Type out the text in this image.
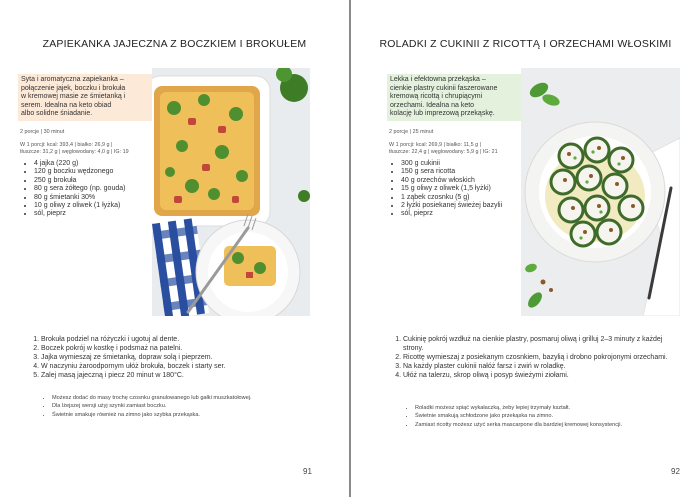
ZAPIEKANKA JAJECZNA Z BOCZKIEM I BROKUŁEM
Syta i aromatyczna zapiekanka –
połączenie jajek, boczku i brokuła
w kremowej masie ze śmietanką i
serem. Idealna na keto obiad
albo solidne śniadanie.
2 porcje | 30 minut
W 1 porcji: kcal: 393,4 | białko: 26,9 g |
tłuszcze: 31,2 g | węglowodany: 4,0 g | IG: 19
• 4 jajka (220 g)
• 120 g boczku wędzonego
• 250 g brokuła
• 80 g sera żółtego (np. gouda)
• 80 g śmietanki 30%
• 10 g oliwy z oliwek (1 łyżka)
• sól, pieprz
1. Brokuła podziel na różyczki i ugotuj al dente.
2. Boczek pokrój w kostkę i podsmaż na patelni.
3. Jajka wymieszaj ze śmietanką, dopraw solą i pieprzem.
4. W naczyniu żaroodpornym ułóż brokuła, boczek i starty ser.
5. Zalej masą jajeczną i piecz 20 minut w 180°C.
• Możesz dodać do masy trochę czosnku granulowanego lub gałki muszkatołowej.
• Dla lżejszej wersji użyj szynki zamiast boczku.
• Świetnie smakuje również na zimno jako szybka przekąska.
91
ROLADKI Z CUKINII Z RICOTTĄ I ORZECHAMI WŁOSKIMI
Lekka i efektowna przekąska –
cienkie plastry cukinii faszerowane
kremową ricottą i chrupiącymi
orzechami. Idealna na keto
kolację lub imprezową przekąskę.
2 porcje | 25 minut
W 1 porcji: kcal: 269,9 | białko: 11,5 g |
tłuszcze: 22,4 g | węglowodany: 5,9 g | IG: 21
• 300 g cukinii
• 150 g sera ricotta
• 40 g orzechów włoskich
• 15 g oliwy z oliwek (1,5 łyżki)
• 1 ząbek czosnku (5 g)
• 2 łyżki posiekanej świeżej bazylii
• sól, pieprz
1. Cukinię pokrój wzdłuż na cienkie plastry, posmaruj oliwą i grilluj 2–3 minuty z każdej strony.
2. Ricottę wymieszaj z posiekanym czosnkiem, bazylią i drobno pokrojonymi orzechami.
3. Na każdy plaster cukinii nałóż farsz i zwiń w roladkę.
4. Ułóż na talerzu, skrop oliwą i posyp świeżymi ziołami.
• Roladki możesz spiąć wykałaczką, żeby lepiej trzymały kształt.
• Świetnie smakują schłodzone jako przekąska na zimno.
• Zamiast ricotty możesz użyć serka mascarpone dla bardziej kremowej konsystencji.
92
